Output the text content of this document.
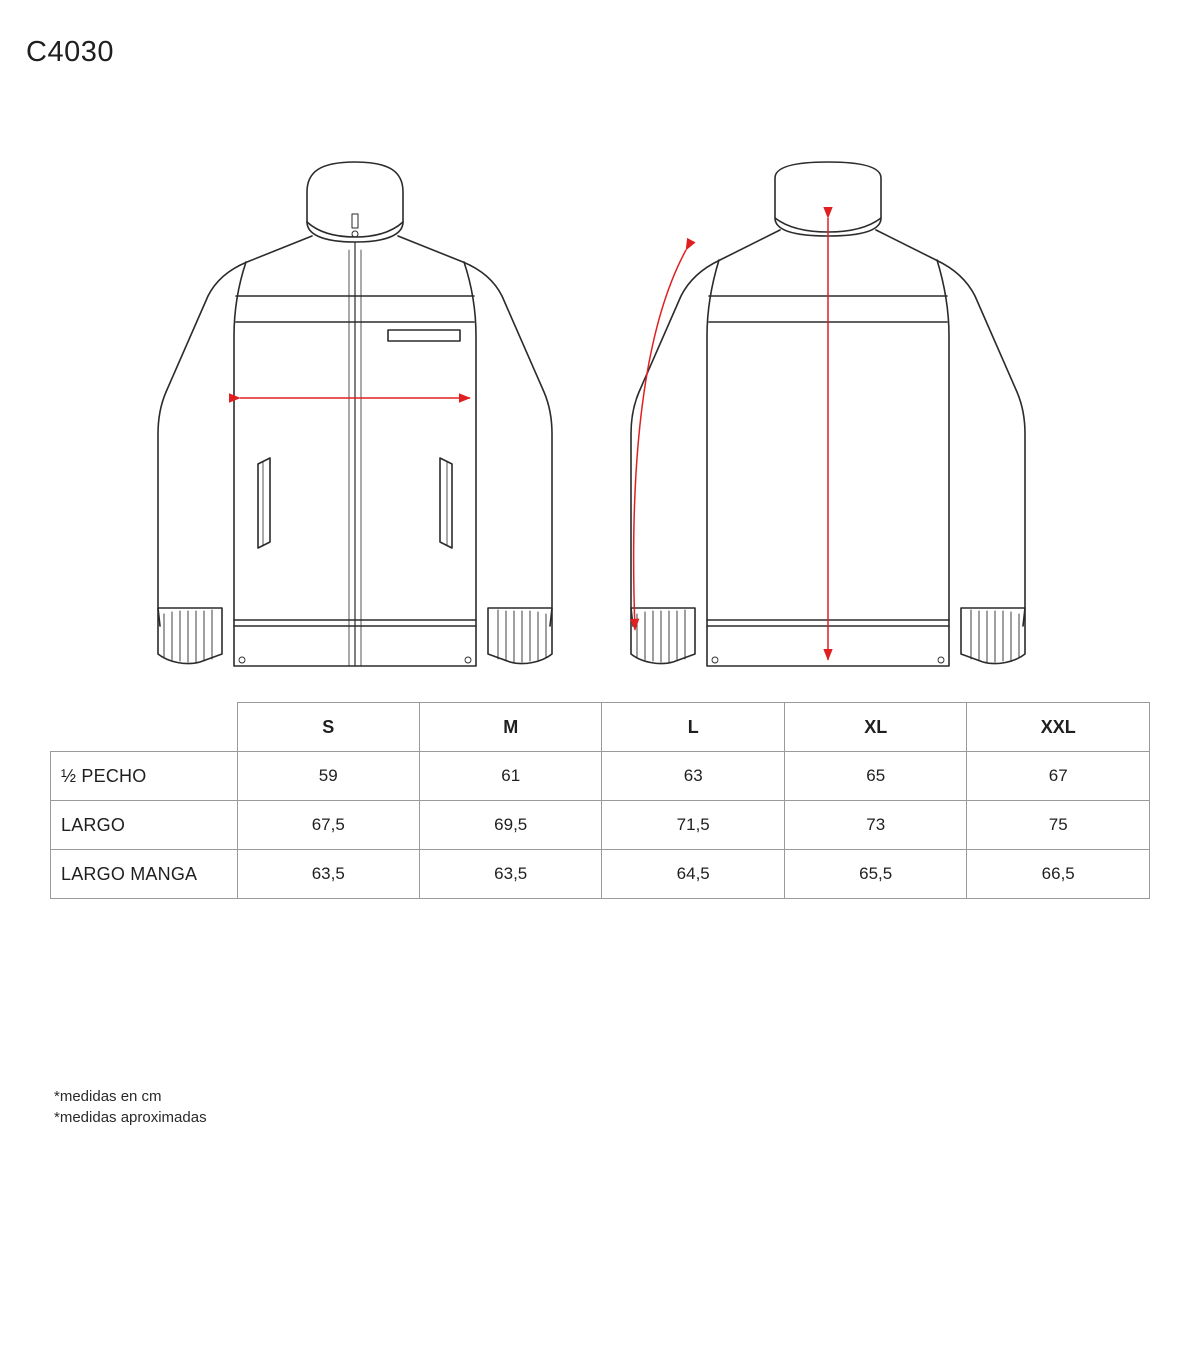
C4030
	S	M	L	XL	XXL
½ PECHO	59	61	63	65	67
LARGO	67,5	69,5	71,5	73	75
LARGO MANGA	63,5	63,5	64,5	65,5	66,5
*medidas en cm
*medidas aproximadas
